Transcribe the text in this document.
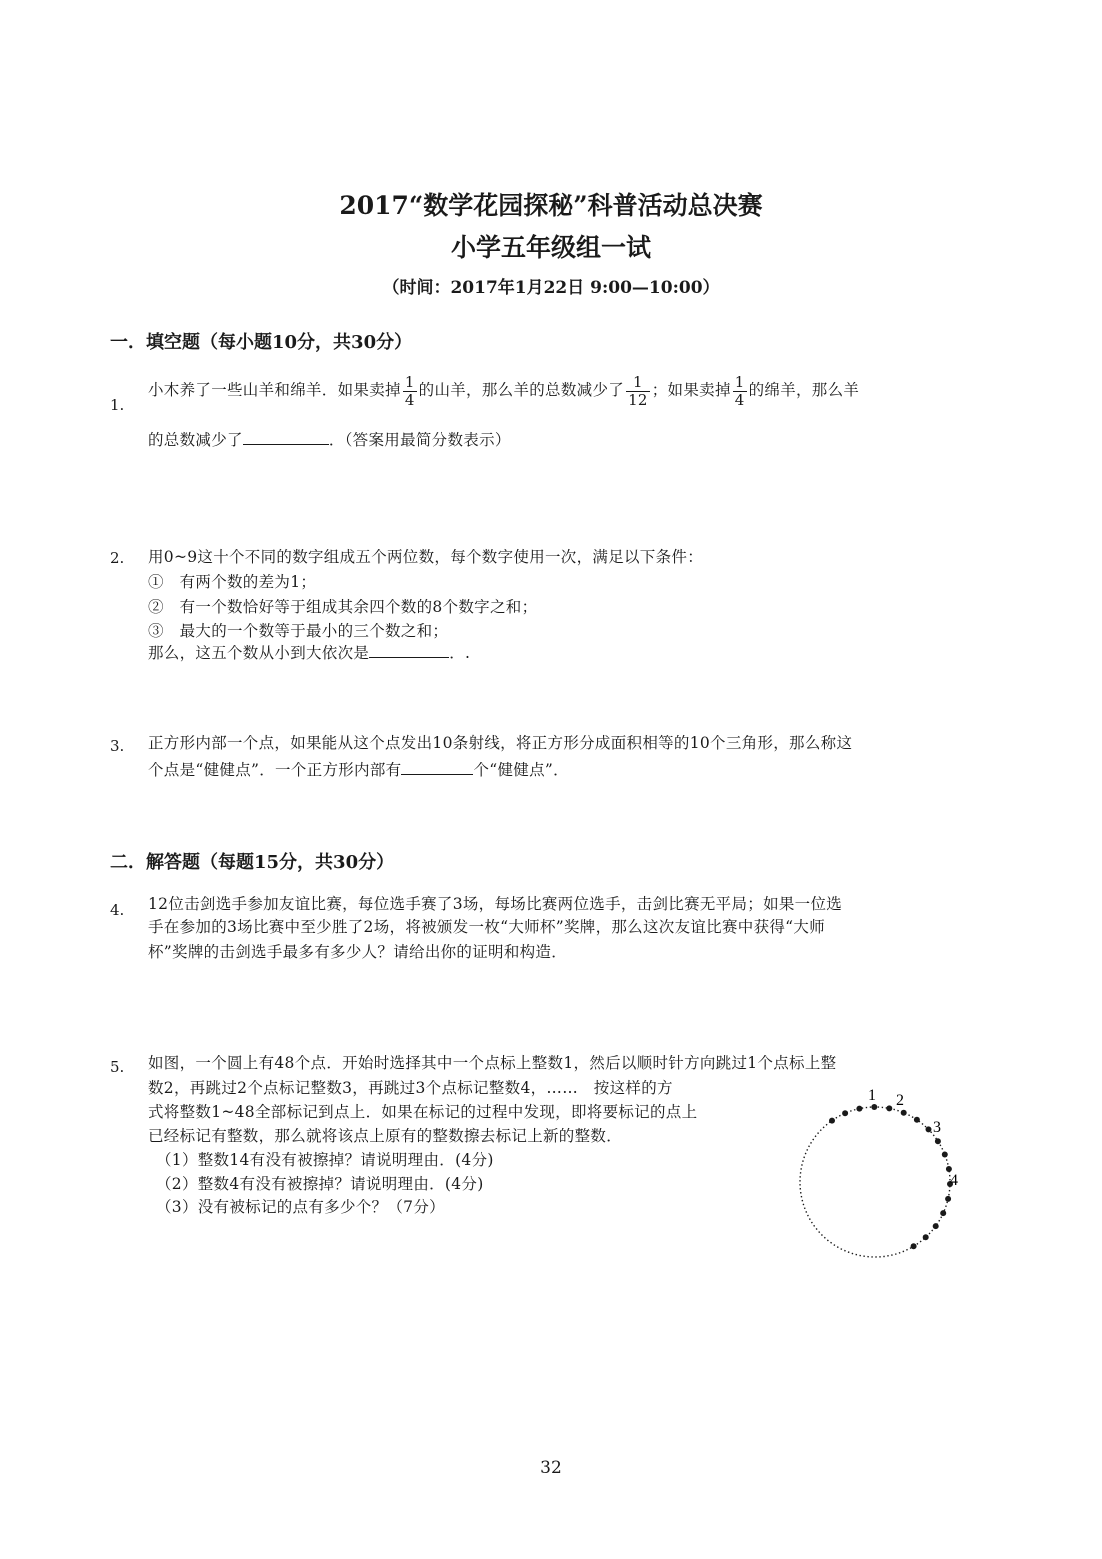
2017“数学花园探秘”科普活动总决赛
小学五年级组一试
（时间：2017年1月22日 9:00—10:00）
一．填空题（每小题10分，共30分）
1.
小木养了一些山羊和绵羊．如果卖掉 $\frac{1}{4}$ 的山羊，那么羊的总数减少了 $\frac{1}{12}$ ；如果卖掉 $\frac{1}{4}$ 的绵羊，那么羊
的总数减少了	．（答案用最简分数表示）
2. 用0~9这十个不同的数字组成五个两位数，每个数字使用一次，满足以下条件：
①　有两个数的差为1；
②　有一个数恰好等于组成其余四个数的8个数字之和；
③　最大的一个数等于最小的三个数之和；
那么，这五个数从小到大依次是	．.
3. 正方形内部一个点，如果能从这个点发出10条射线，将正方形分成面积相等的10个三角形，那么称这
个点是“健健点”．一个正方形内部有	个“健健点”．
二．解答题（每题15分，共30分）
4. 12位击剑选手参加友谊比赛，每位选手赛了3场，每场比赛两位选手，击剑比赛无平局；如果一位选
手在参加的3场比赛中至少胜了2场，将被颁发一枚“大师杯”奖牌，那么这次友谊比赛中获得“大师
杯”奖牌的击剑选手最多有多少人？请给出你的证明和构造．
5. 如图，一个圆上有48个点．开始时选择其中一个点标上整数1，然后以顺时针方向跳过1个点标上整
数2，再跳过2个点标记整数3，再跳过3个点标记整数4，……　按这样的方
式将整数1~48全部标记到点上．如果在标记的过程中发现，即将要标记的点上
已经标记有整数，那么就将该点上原有的整数擦去标记上新的整数．
（1）整数14有没有被擦掉？请说明理由．(4分)
（2）整数4有没有被擦掉？请说明理由．(4分)
（3）没有被标记的点有多少个？（7分）
1 2
3
4
32
